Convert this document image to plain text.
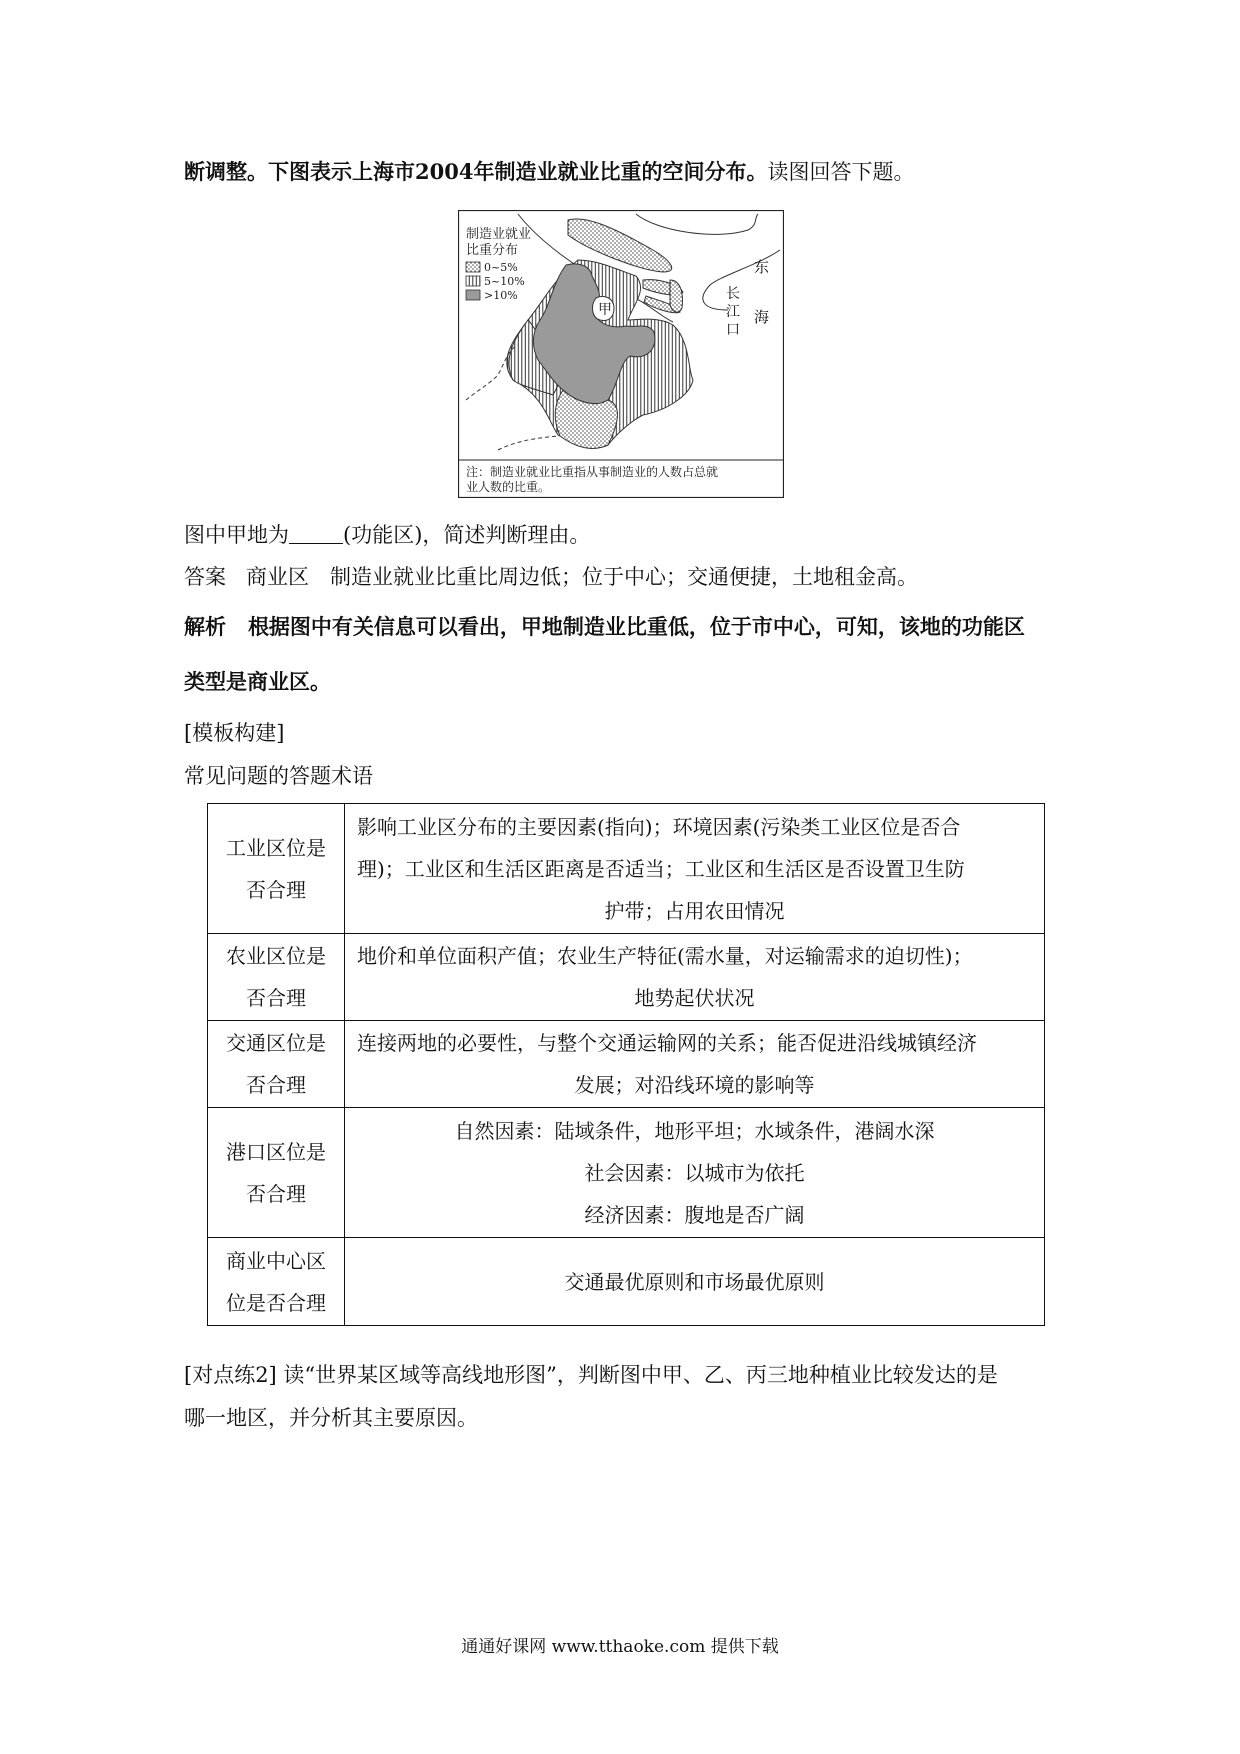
断调整。下图表示上海市2004年制造业就业比重的空间分布。读图回答下题。
制造业就业
比重分布
0~5%
5~10%
>10%
甲
长
江
口
东
海
注：制造业就业比重指从事制造业的人数占总就
业人数的比重。
图中甲地为	(功能区)，简述判断理由。
答案 商业区　制造业就业比重比周边低；位于中心；交通便捷，土地租金高。
解析 根据图中有关信息可以看出，甲地制造业比重低，位于市中心，可知，该地的功能区
类型是商业区。
[模板构建]
常见问题的答题术语
工业区位是
否合理	影响工业区分布的主要因素(指向)；环境因素(污染类工业区位是否合
理)；工业区和生活区距离是否适当；工业区和生活区是否设置卫生防

护带；占用农田情况

农业区位是
否合理	地价和单位面积产值；农业生产特征(需水量，对运输需求的迫切性)；

地势起伏状况

交通区位是
否合理	连接两地的必要性，与整个交通运输网的关系；能否促进沿线城镇经济

发展；对沿线环境的影响等

港口区位是
否合理	自然因素：陆域条件，地形平坦；水域条件，港阔水深
社会因素：以城市为依托
经济因素：腹地是否广阔
商业中心区
位是否合理	交通最优原则和市场最优原则
[对点练2] 读“世界某区域等高线地形图”，判断图中甲、乙、丙三地种植业比较发达的是
哪一地区，并分析其主要原因。
通通好课网 www.tthaoke.com 提供下载
